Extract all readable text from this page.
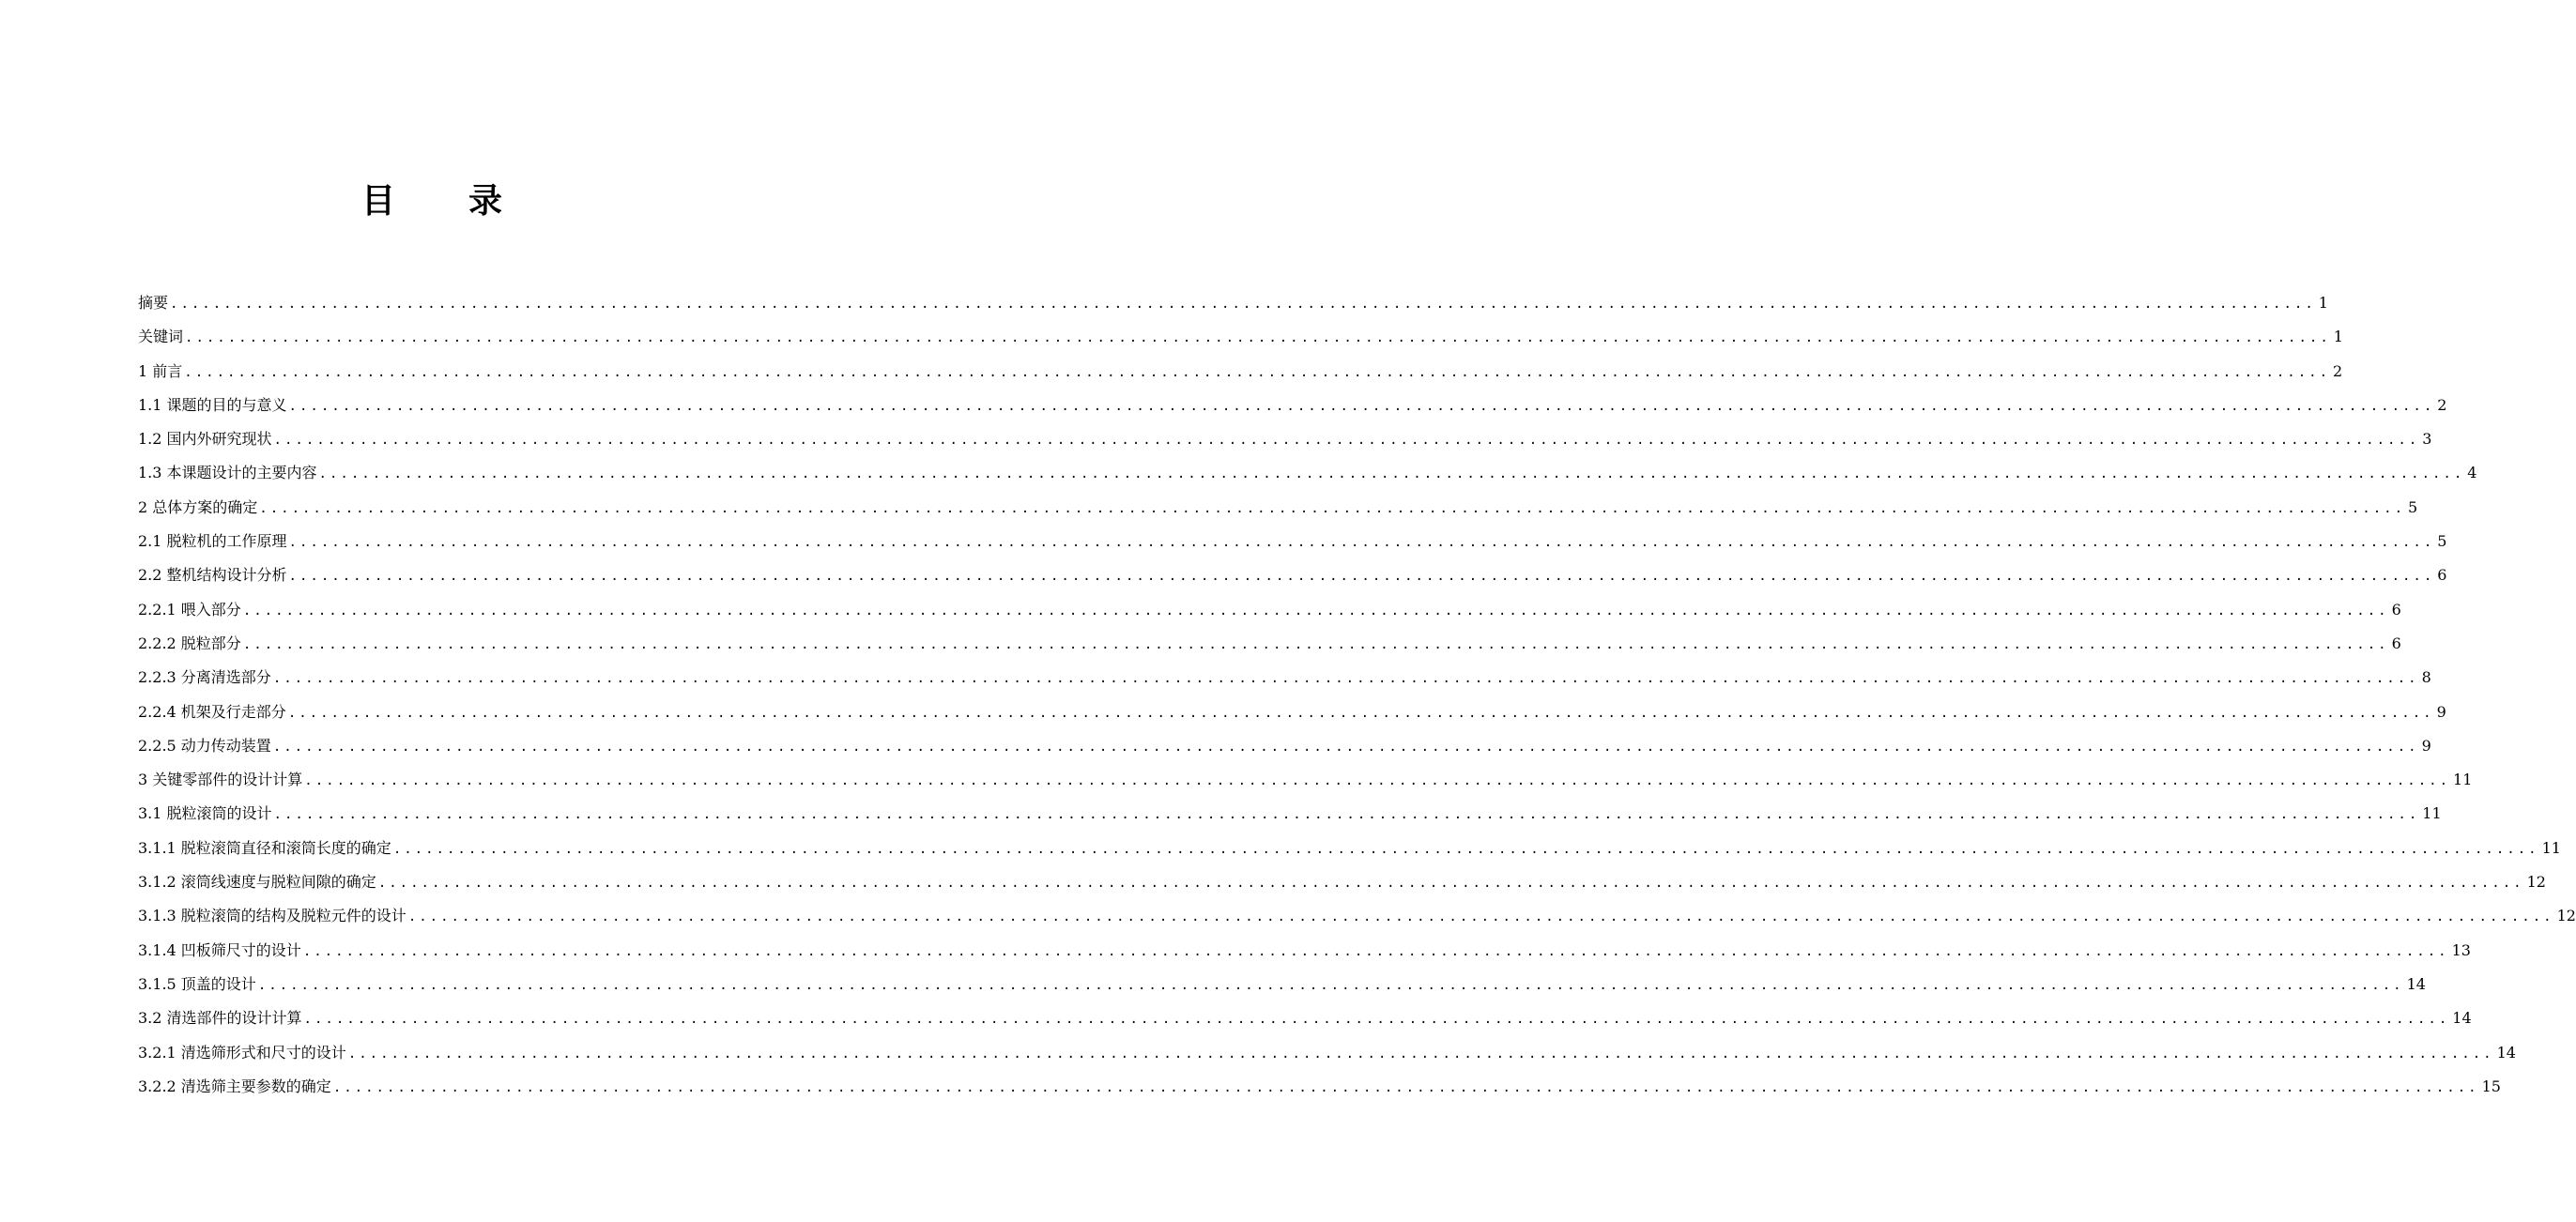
目 录
摘要 ........................................................................................................................................................................................................ 1
关键词 ........................................................................................................................................................................................................ 1
1 前言 ........................................................................................................................................................................................................ 2
1.1 课题的目的与意义 ........................................................................................................................................................................................................ 2
1.2 国内外研究现状 ........................................................................................................................................................................................................ 3
1.3 本课题设计的主要内容 ........................................................................................................................................................................................................ 4
2 总体方案的确定 ........................................................................................................................................................................................................ 5
2.1 脱粒机的工作原理 ........................................................................................................................................................................................................ 5
2.2 整机结构设计分析 ........................................................................................................................................................................................................ 6
2.2.1 喂入部分 ........................................................................................................................................................................................................ 6
2.2.2 脱粒部分 ........................................................................................................................................................................................................ 6
2.2.3 分离清选部分 ........................................................................................................................................................................................................ 8
2.2.4 机架及行走部分 ........................................................................................................................................................................................................ 9
2.2.5 动力传动装置 ........................................................................................................................................................................................................ 9
3 关键零部件的设计计算 ........................................................................................................................................................................................................ 11
3.1 脱粒滚筒的设计 ........................................................................................................................................................................................................ 11
3.1.1 脱粒滚筒直径和滚筒长度的确定 ........................................................................................................................................................................................................ 11
3.1.2 滚筒线速度与脱粒间隙的确定 ........................................................................................................................................................................................................ 12
3.1.3 脱粒滚筒的结构及脱粒元件的设计 ........................................................................................................................................................................................................ 12
3.1.4 凹板筛尺寸的设计 ........................................................................................................................................................................................................ 13
3.1.5 顶盖的设计 ........................................................................................................................................................................................................ 14
3.2 清选部件的设计计算 ........................................................................................................................................................................................................ 14
3.2.1 清选筛形式和尺寸的设计 ........................................................................................................................................................................................................ 14
3.2.2 清选筛主要参数的确定 ........................................................................................................................................................................................................ 15
